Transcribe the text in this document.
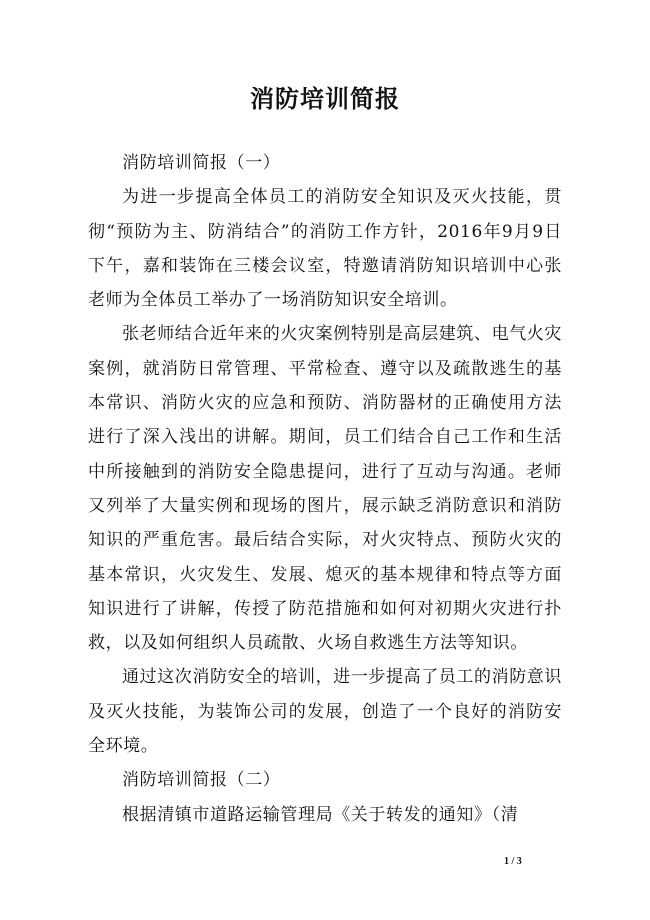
消防培训简报

消防培训简报（一）

为进一步提高全体员工的消防安全知识及灭火技能，贯彻“预防为主、防消结合”的消防工作方针，2016年9月9日下午，嘉和装饰在三楼会议室，特邀请消防知识培训中心张老师为全体员工举办了一场消防知识安全培训。

张老师结合近年来的火灾案例特别是高层建筑、电气火灾案例，就消防日常管理、平常检查、遵守以及疏散逃生的基本常识、消防火灾的应急和预防、消防器材的正确使用方法进行了深入浅出的讲解。期间，员工们结合自己工作和生活中所接触到的消防安全隐患提问，进行了互动与沟通。老师又列举了大量实例和现场的图片，展示缺乏消防意识和消防知识的严重危害。最后结合实际，对火灾特点、预防火灾的基本常识，火灾发生、发展、熄灭的基本规律和特点等方面知识进行了讲解，传授了防范措施和如何对初期火灾进行扑救，以及如何组织人员疏散、火场自救逃生方法等知识。

通过这次消防安全的培训，进一步提高了员工的消防意识及灭火技能，为装饰公司的发展，创造了一个良好的消防安全环境。

消防培训简报（二）

根据清镇市道路运输管理局《关于转发的通知》（清

1 / 3
